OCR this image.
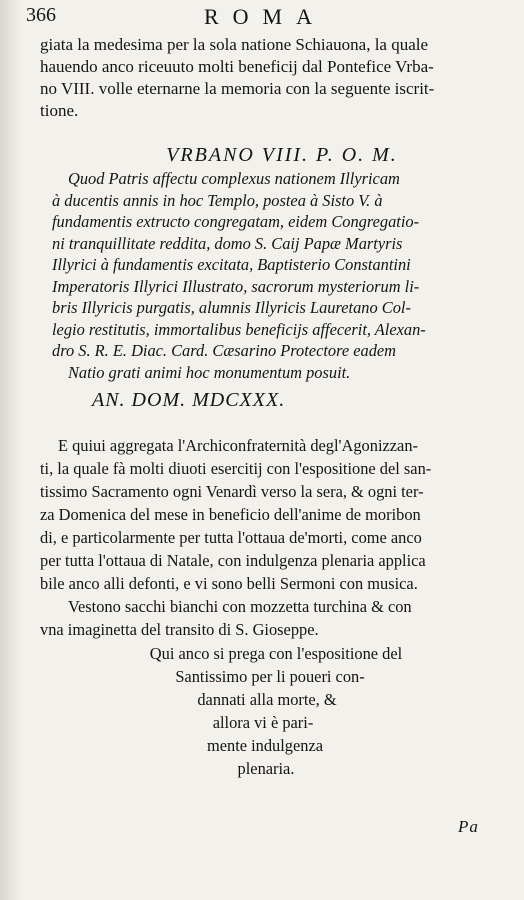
366	ROMA
giata la medesima per la sola natione Schiauona, la quale
hauendo anco riceuuto molti beneficij dal Pontefice Vrba-
no VIII. volle eternarne la memoria con la seguente iscrit-
tione.
VRBANO VIII. P. O. M.
Quod Patris affectu complexus nationem Illyricam
à ducentis annis in hoc Templo, postea à Sisto V. à
fundamentis extructo congregatam, eidem Congregatio-
ni tranquillitate reddita, domo S. Caij Papæ Martyris
Illyrici à fundamentis excitata, Baptisterio Constantini
Imperatoris Illyrici Illustrato, sacrorum mysteriorum li-
bris Illyricis purgatis, alumnis Illyricis Lauretano Col-
legio restitutis, immortalibus beneficijs affecerit, Alexan-
dro S. R. E. Diac. Card. Cæsarino Protectore eadem
Natio grati animi hoc monumentum posuit.
AN. DOM. MDCXXX.
E quiui aggregata l'Archiconfraternità degl'Agonizzan-
ti, la quale fà molti diuoti esercitij con l'espositione del san-
tissimo Sacramento ogni Venardì verso la sera, & ogni ter-
za Domenica del mese in beneficio dell'anime de moribon
di, e particolarmente per tutta l'ottaua de'morti, come anco
per tutta l'ottaua di Natale, con indulgenza plenaria applica
bile anco alli defonti, e vi sono belli Sermoni con musica.
Vestono sacchi bianchi con mozzetta turchina & con
vna imaginetta del transito di S. Gioseppe.
Qui anco si prega con l'espositione del
Santissimo per li poueri con-
dannati alla morte, &
allora vi è pari-
mente indulgenza
plenaria.
Pa
